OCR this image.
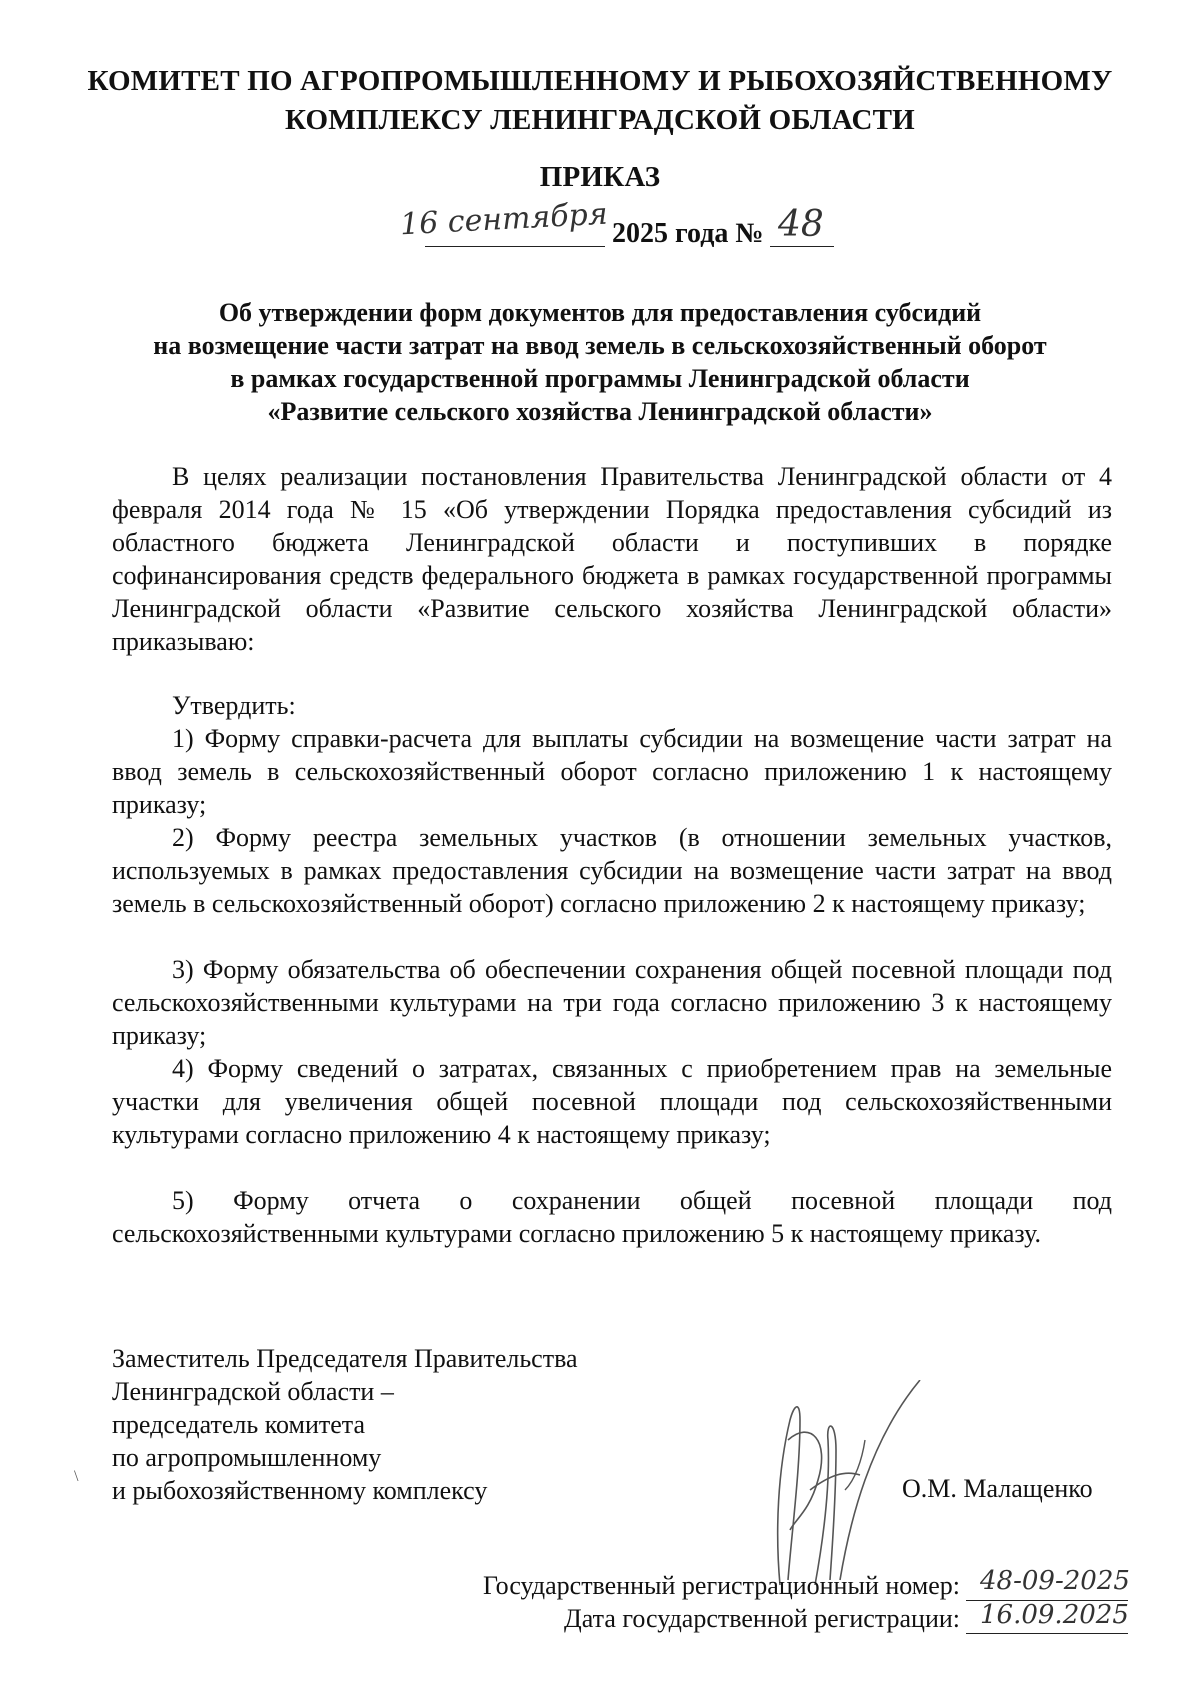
КОМИТЕТ ПО АГРОПРОМЫШЛЕННОМУ И РЫБОХОЗЯЙСТВЕННОМУ
КОМПЛЕКСУ ЛЕНИНГРАДСКОЙ ОБЛАСТИ
ПРИКАЗ
16 сентября 2025 года № 48
Об утверждении форм документов для предоставления субсидий
на возмещение части затрат на ввод земель в сельскохозяйственный оборот
в рамках государственной программы Ленинградской области
«Развитие сельского хозяйства Ленинградской области»
В целях реализации постановления Правительства Ленинградской области от 4 февраля 2014 года № 15 «Об утверждении Порядка предоставления субсидий из областного бюджета Ленинградской области и поступивших в порядке софинансирования средств федерального бюджета в рамках государственной программы Ленинградской области «Развитие сельского хозяйства Ленинградской области» приказываю:
Утвердить:
1) Форму справки-расчета для выплаты субсидии на возмещение части затрат на ввод земель в сельскохозяйственный оборот согласно приложению 1 к настоящему приказу;
2) Форму реестра земельных участков (в отношении земельных участков, используемых в рамках предоставления субсидии на возмещение части затрат на ввод земель в сельскохозяйственный оборот) согласно приложению 2 к настоящему приказу;
3) Форму обязательства об обеспечении сохранения общей посевной площади под сельскохозяйственными культурами на три года согласно приложению 3 к настоящему приказу;
4) Форму сведений о затратах, связанных с приобретением прав на земельные участки для увеличения общей посевной площади под сельскохозяйственными культурами согласно приложению 4 к настоящему приказу;
5) Форму отчета о сохранении общей посевной площади под сельскохозяйственными культурами согласно приложению 5 к настоящему приказу.
Заместитель Председателя Правительства
Ленинградской области –
председатель комитета
по агропромышленному
и рыбохозяйственному комплексу
\	О.М. Малащенко
Государственный регистрационный номер: 48-09-2025
Дата государственной регистрации: 16.09.2025
